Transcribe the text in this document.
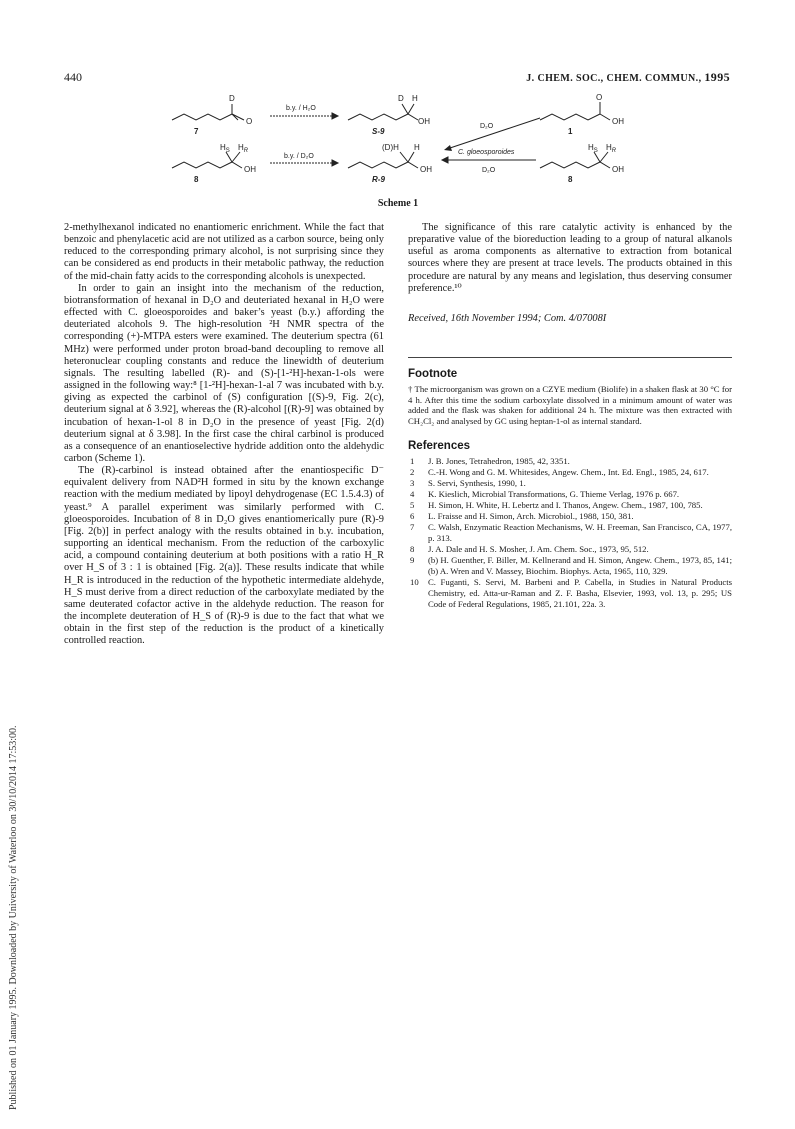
440	J. CHEM. SOC., CHEM. COMMUN., 1995
Published on 01 January 1995. Downloaded by University of Waterloo on 30/10/2014 17:53:00.
D
O
7
b.y. / H₂O
D H
OH
S-9
D₂O
O
OH
1
$H_S$ $H_R$
OH
8
b.y. / D₂O
(D)H H
OH
R-9
C. gloeosporoides
D₂O
$H_S$ $H_R$
OH
8
Scheme 1

2-methylhexanol indicated no enantiomeric enrichment. While the fact that benzoic and phenylacetic acid are not utilized as a carbon source, being only reduced to the corresponding primary alcohol, is not surprising since they can be considered as end products in their metabolic pathway, the reduction of the mid-chain fatty acids to the corresponding alcohols is unexpected.

In order to gain an insight into the mechanism of the reduction, biotransformation of hexanal in D₂O and deuteriated hexanal in H₂O were effected with C. gloeosporoides and baker’s yeast (b.y.) affording the deuteriated alcohols 9. The high-resolution ²H NMR spectra of the corresponding (+)-MTPA esters were examined. The deuterium spectra (61 MHz) were performed under proton broad-band decoupling to remove all heteronuclear coupling constants and reduce the linewidth of deuterium signals. The resulting labelled (R)- and (S)-[1-²H]-hexan-1-ols were assigned in the following way:⁸ [1-²H]-hexan-1-al 7 was incubated with b.y. giving as expected the carbinol of (S) configuration [(S)-9, Fig. 2(c), deuterium signal at δ 3.92], whereas the (R)-alcohol [(R)-9] was obtained by incubation of hexan-1-ol 8 in D₂O in the presence of yeast [Fig. 2(d) deuterium signal at δ 3.98]. In the first case the chiral carbinol is produced as a consequence of an enantioselective hydride addition onto the aldehydic carbon (Scheme 1).

The (R)-carbinol is instead obtained after the enantiospecific D⁻ equivalent delivery from NAD²H formed in situ by the known exchange reaction with the medium mediated by lipoyl dehydrogenase (EC 1.5.4.3) of yeast.⁹ A parallel experiment was similarly performed with C. gloeosporoides. Incubation of 8 in D₂O gives enantiomerically pure (R)-9 [Fig. 2(b)] in perfect analogy with the results obtained in b.y. incubation, supporting an identical mechanism. From the reduction of the carboxylic acid, a compound containing deuterium at both positions with a ratio H_R over H_S of 3 : 1 is obtained [Fig. 2(a)]. These results indicate that while H_R is introduced in the reduction of the hypothetic intermediate aldehyde, H_S must derive from a direct reduction of the carboxylate mediated by the same deuterated cofactor active in the aldehyde reduction. The reason for the incomplete deuteration of H_S of (R)-9 is due to the fact that what we obtain in the first step of the reduction is the product of a kinetically controlled reaction.

The significance of this rare catalytic activity is enhanced by the preparative value of the bioreduction leading to a group of natural alkanols useful as aroma components as alternative to extraction from botanical sources where they are present at trace levels. The products obtained in this procedure are natural by any means and legislation, thus deserving consumer preference.¹⁰

Received, 16th November 1994; Com. 4/07008I

Footnote

† The microorganism was grown on a CZYE medium (Biolife) in a shaken flask at 30 °C for 4 h. After this time the sodium carboxylate dissolved in a minimum amount of water was added and the flask was shaken for additional 24 h. The mixture was then extracted with CH₂Cl₂ and analysed by GC using heptan-1-ol as internal standard.

References
1 J. B. Jones, Tetrahedron, 1985, 42, 3351.
2 C.-H. Wong and G. M. Whitesides, Angew. Chem., Int. Ed. Engl., 1985, 24, 617.
3 S. Servi, Synthesis, 1990, 1.
4 K. Kieslich, Microbial Transformations, G. Thieme Verlag, 1976 p. 667.
5 H. Simon, H. White, H. Lebertz and I. Thanos, Angew. Chem., 1987, 100, 785.
6 L. Fraisse and H. Simon, Arch. Microbiol., 1988, 150, 381.
7 C. Walsh, Enzymatic Reaction Mechanisms, W. H. Freeman, San Francisco, CA, 1977, p. 313.
8 J. A. Dale and H. S. Mosher, J. Am. Chem. Soc., 1973, 95, 512.
9 (b) H. Guenther, F. Biller, M. Kellnerand and H. Simon, Angew. Chem., 1973, 85, 141; (b) A. Wren and V. Massey, Biochim. Biophys. Acta, 1965, 110, 329.
10 C. Fuganti, S. Servi, M. Barbeni and P. Cabella, in Studies in Natural Products Chemistry, ed. Atta-ur-Raman and Z. F. Basha, Elsevier, 1993, vol. 13, p. 295; US Code of Federal Regulations, 1985, 21.101, 22a. 3.
